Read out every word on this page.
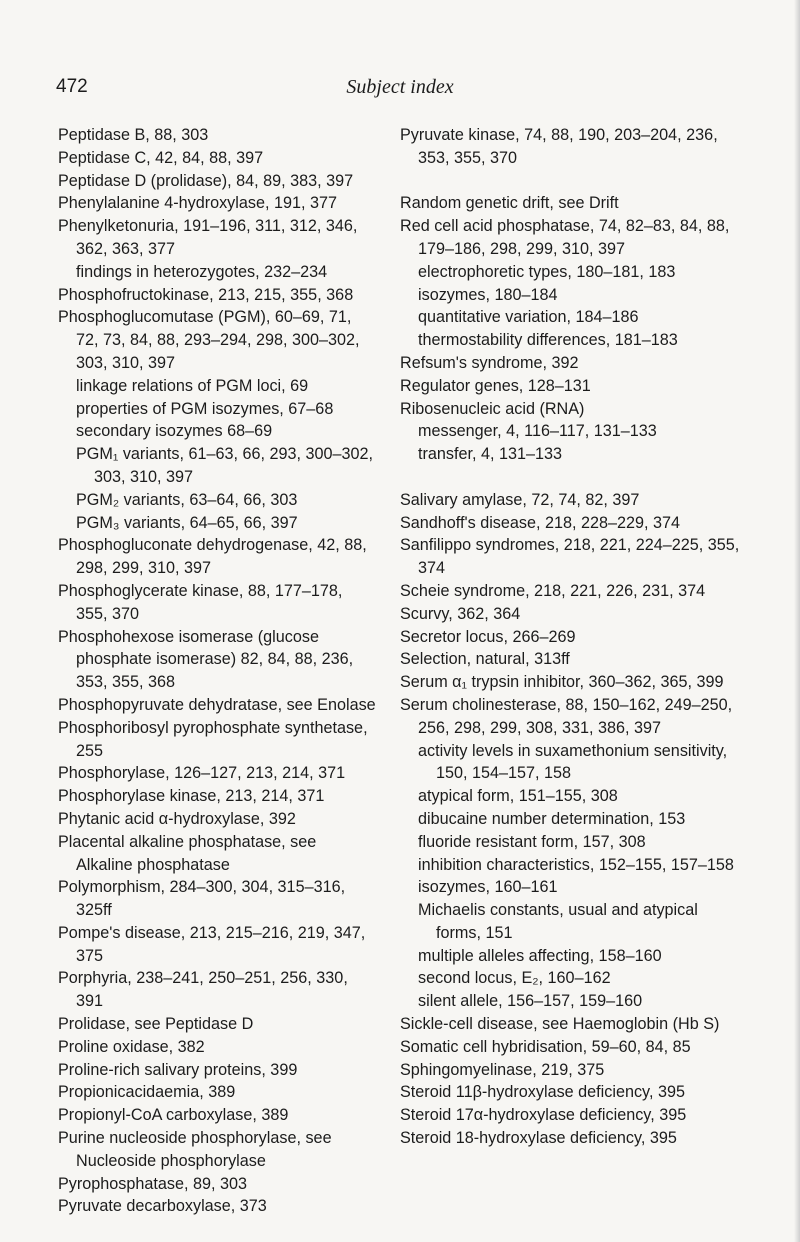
472	Subject index
Peptidase B, 88, 303
Peptidase C, 42, 84, 88, 397
Peptidase D (prolidase), 84, 89, 383, 397
Phenylalanine 4-hydroxylase, 191, 377
Phenylketonuria, 191–196, 311, 312, 346, 362, 363, 377
findings in heterozygotes, 232–234
Phosphofructokinase, 213, 215, 355, 368
Phosphoglucomutase (PGM), 60–69, 71, 72, 73, 84, 88, 293–294, 298, 300–302, 303, 310, 397
linkage relations of PGM loci, 69
properties of PGM isozymes, 67–68
secondary isozymes 68–69
PGM₁ variants, 61–63, 66, 293, 300–302, 303, 310, 397
PGM₂ variants, 63–64, 66, 303
PGM₃ variants, 64–65, 66, 397
Phosphogluconate dehydrogenase, 42, 88, 298, 299, 310, 397
Phosphoglycerate kinase, 88, 177–178, 355, 370
Phosphohexose isomerase (glucose phosphate isomerase) 82, 84, 88, 236, 353, 355, 368
Phosphopyruvate dehydratase, see Enolase
Phosphoribosyl pyrophosphate synthetase, 255
Phosphorylase, 126–127, 213, 214, 371
Phosphorylase kinase, 213, 214, 371
Phytanic acid α-hydroxylase, 392
Placental alkaline phosphatase, see Alkaline phosphatase
Polymorphism, 284–300, 304, 315–316, 325ff
Pompe's disease, 213, 215–216, 219, 347, 375
Porphyria, 238–241, 250–251, 256, 330, 391
Prolidase, see Peptidase D
Proline oxidase, 382
Proline-rich salivary proteins, 399
Propionicacidaemia, 389
Propionyl-CoA carboxylase, 389
Purine nucleoside phosphorylase, see Nucleoside phosphorylase
Pyrophosphatase, 89, 303
Pyruvate decarboxylase, 373
Pyruvate kinase, 74, 88, 190, 203–204, 236, 353, 355, 370
Random genetic drift, see Drift
Red cell acid phosphatase, 74, 82–83, 84, 88, 179–186, 298, 299, 310, 397
electrophoretic types, 180–181, 183
isozymes, 180–184
quantitative variation, 184–186
thermostability differences, 181–183
Refsum's syndrome, 392
Regulator genes, 128–131
Ribosenucleic acid (RNA)
messenger, 4, 116–117, 131–133
transfer, 4, 131–133
Salivary amylase, 72, 74, 82, 397
Sandhoff's disease, 218, 228–229, 374
Sanfilippo syndromes, 218, 221, 224–225, 355, 374
Scheie syndrome, 218, 221, 226, 231, 374
Scurvy, 362, 364
Secretor locus, 266–269
Selection, natural, 313ff
Serum α₁ trypsin inhibitor, 360–362, 365, 399
Serum cholinesterase, 88, 150–162, 249–250, 256, 298, 299, 308, 331, 386, 397
activity levels in suxamethonium sensitivity, 150, 154–157, 158
atypical form, 151–155, 308
dibucaine number determination, 153
fluoride resistant form, 157, 308
inhibition characteristics, 152–155, 157–158
isozymes, 160–161
Michaelis constants, usual and atypical forms, 151
multiple alleles affecting, 158–160
second locus, E₂, 160–162
silent allele, 156–157, 159–160
Sickle-cell disease, see Haemoglobin (Hb S)
Somatic cell hybridisation, 59–60, 84, 85
Sphingomyelinase, 219, 375
Steroid 11β-hydroxylase deficiency, 395
Steroid 17α-hydroxylase deficiency, 395
Steroid 18-hydroxylase deficiency, 395
